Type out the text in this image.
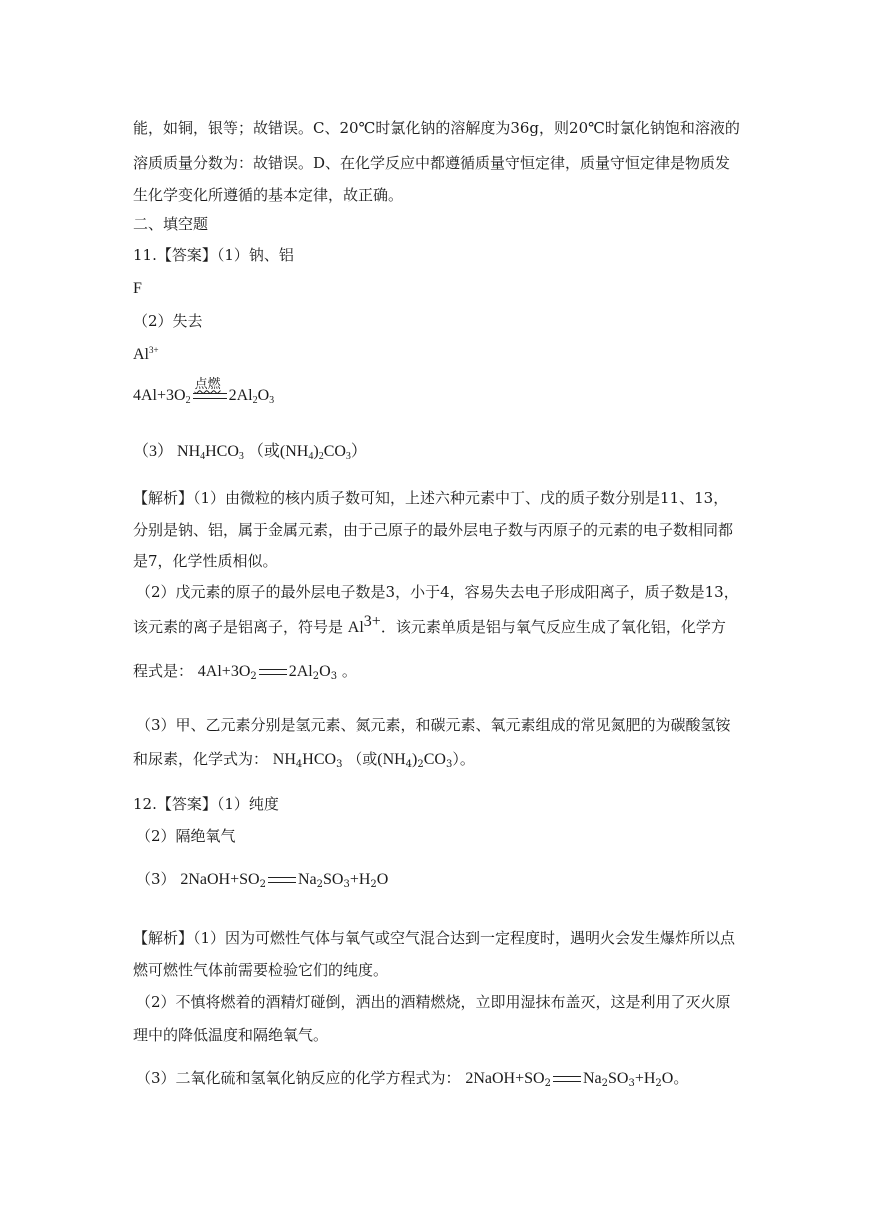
能，如铜，银等；故错误。C、20℃时氯化钠的溶解度为36g，则20℃时氯化钠饱和溶液的
溶质质量分数为：故错误。D、在化学反应中都遵循质量守恒定律，质量守恒定律是物质发
生化学变化所遵循的基本定律，故正确。
二、填空题
11.【答案】（1）钠、铝
F
（2）失去
$Al^{3+}$
$4Al+3O_2$
点燃
$2Al_2O_3$
（3） $NH_4HCO_3$ （或$(NH_4)_2CO_3$）
【解析】（1）由微粒的核内质子数可知，上述六种元素中丁、戊的质子数分别是11、13，
分别是钠、铝，属于金属元素，由于己原子的最外层电子数与丙原子的元素的电子数相同都
是7，化学性质相似。
（2）戊元素的原子的最外层电子数是3，小于4，容易失去电子形成阳离子，质子数是13，
该元素的离子是铝离子，符号是 $Al^{3+}$．该元素单质是铝与氧气反应生成了氧化铝，化学方
程式是： $4Al+3O_2$ $2Al_2O_3$ 。
（3）甲、乙元素分别是氢元素、氮元素，和碳元素、氧元素组成的常见氮肥的为碳酸氢铵
和尿素，化学式为： $NH_4HCO_3$ （或$(NH_4)_2CO_3$）。
12.【答案】（1）纯度
（2）隔绝氧气
（3） $2NaOH+SO_2$ $Na_2SO_3+H_2O$
【解析】（1）因为可燃性气体与氧气或空气混合达到一定程度时，遇明火会发生爆炸所以点
燃可燃性气体前需要检验它们的纯度。
（2）不慎将燃着的酒精灯碰倒，洒出的酒精燃烧，立即用湿抹布盖灭，这是利用了灭火原
理中的降低温度和隔绝氧气。
（3）二氧化硫和氢氧化钠反应的化学方程式为： $2NaOH+SO_2$ $Na_2SO_3+H_2O$。
